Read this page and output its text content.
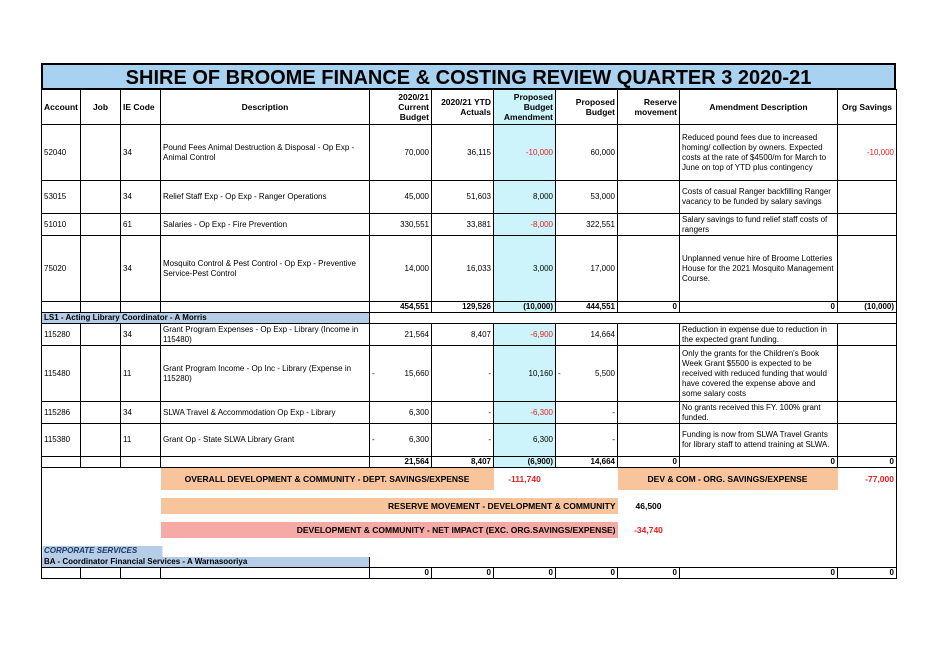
SHIRE OF BROOME FINANCE & COSTING REVIEW QUARTER 3 2020-21
Account	Job	IE Code	Description	2020/21 Current Budget	2020/21 YTD Actuals	Proposed Budget Amendment	Proposed Budget	Reserve movement	Amendment Description	Org Savings
52040		34	Pound Fees Animal Destruction & Disposal - Op Exp - Animal Control	70,000	36,115	-10,000	60,000		Reduced pound fees due to increased homing/ collection by owners. Expected costs at the rate of $4500/m for March to June on top of YTD plus contingency	-10,000
53015		34	Relief Staff Exp - Op Exp - Ranger Operations	45,000	51,603	8,000	53,000		Costs of casual Ranger backfilling Ranger vacancy to be funded by salary savings	
51010		61	Salaries - Op Exp - Fire Prevention	330,551	33,881	-8,000	322,551		Salary savings to fund relief staff costs of rangers	
75020		34	Mosquito Control & Pest Control - Op Exp - Preventive Service-Pest Control	14,000	16,033	3,000	17,000		Unplanned venue hire of Broome Lotteries House for the 2021 Mosquito Management Course.	
				454,551	129,526	(10,000)	444,551	0	0	(10,000)
LS1 - Acting Library Coordinator - A Morris										
115280		34	Grant Program Expenses - Op Exp - Library (Income in 115480)	21,564	8,407	-6,900	14,664		Reduction in expense due to reduction in the expected grant funding.	
115480		11	Grant Program Income - Op Inc - Library (Expense in 115280)	- 15,660	-	10,160	- 5,500		Only the grants for the Children's Book Week Grant $5500 is expected to be received with reduced funding that would have covered the expense above and some salary costs	
115286		34	SLWA Travel & Accommodation Op Exp - Library	6,300	-	-6,300	-		No grants received this FY. 100% grant funded.	
115380		11	Grant Op - State SLWA Library Grant	- 6,300	-	6,300	-		Funding is now from SLWA Travel Grants for library staff to attend training at SLWA.	
				21,564	8,407	(6,900)	14,664	0	0	0
			OVERALL DEVELOPMENT & COMMUNITY - DEPT. SAVINGS/EXPENSE			-111,740		DEV & COM - ORG. SAVINGS/EXPENSE		-77,000

			RESERVE MOVEMENT - DEVELOPMENT & COMMUNITY					46,500		

			DEVELOPMENT & COMMUNITY - NET IMPACT (EXC. ORG.SAVINGS/EXPENSE)					-34,740		

CORPORATE SERVICES										
BA - Coordinator Financial Services - A Warnasooriya										
				0	0	0	0	0	0	0
